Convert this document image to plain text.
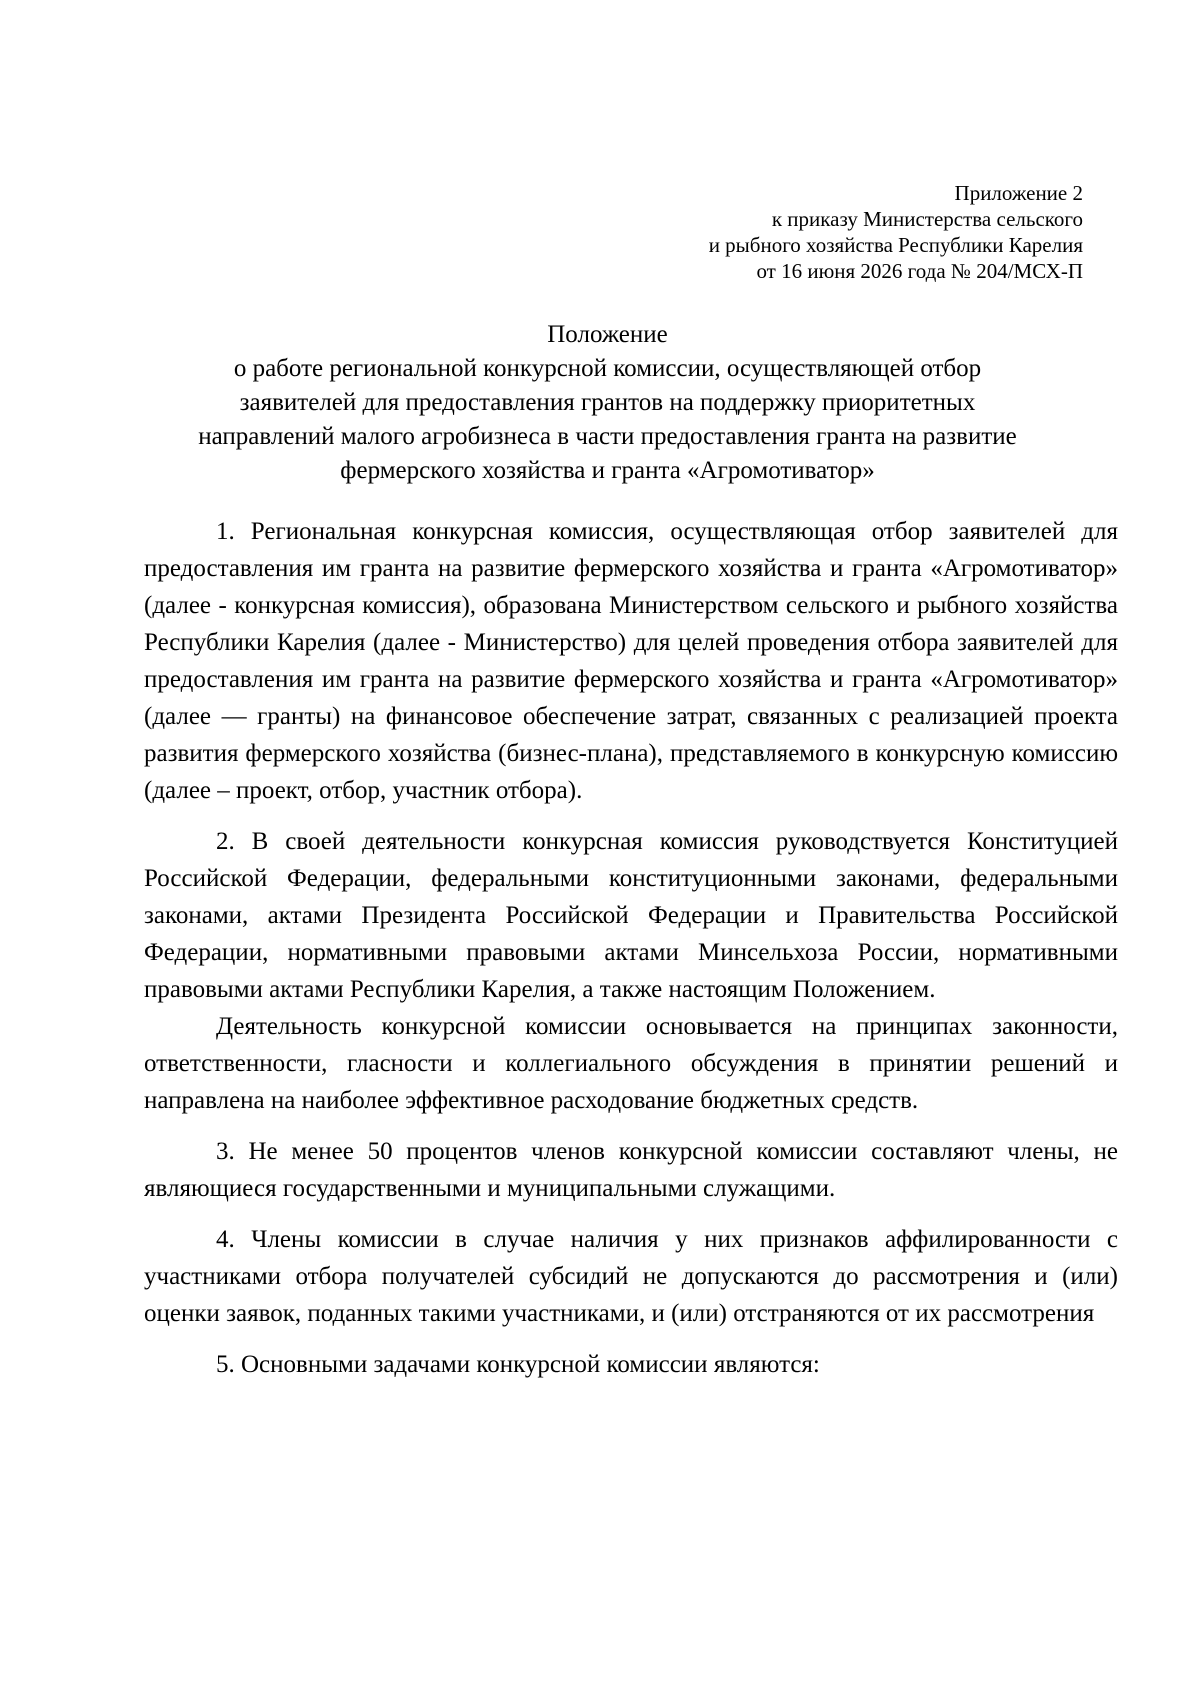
Приложение 2
к приказу Министерства сельского
и рыбного хозяйства Республики Карелия
от 16 июня 2026 года № 204/МСХ-П
Положение
о работе региональной конкурсной комиссии, осуществляющей отбор
заявителей для предоставления грантов на поддержку приоритетных
направлений малого агробизнеса в части предоставления гранта на развитие
фермерского хозяйства и гранта «Агромотиватор»

1. Региональная конкурсная комиссия, осуществляющая отбор заявителей для предоставления им гранта на развитие фермерского хозяйства и гранта «Агромотиватор» (далее - конкурсная комиссия), образована Министерством сельского и рыбного хозяйства Республики Карелия (далее - Министерство) для целей проведения отбора заявителей для предоставления им гранта на развитие фермерского хозяйства и гранта «Агромотиватор» (далее — гранты) на финансовое обеспечение затрат, связанных с реализацией проекта развития фермерского хозяйства (бизнес-плана), представляемого в конкурсную комиссию (далее – проект, отбор, участник отбора).

2. В своей деятельности конкурсная комиссия руководствуется Конституцией Российской Федерации, федеральными конституционными законами, федеральными законами, актами Президента Российской Федерации и Правительства Российской Федерации, нормативными правовыми актами Минсельхоза России, нормативными правовыми актами Республики Карелия, а также настоящим Положением.

Деятельность конкурсной комиссии основывается на принципах законности, ответственности, гласности и коллегиального обсуждения в принятии решений и направлена на наиболее эффективное расходование бюджетных средств.

3. Не менее 50 процентов членов конкурсной комиссии составляют члены, не являющиеся государственными и муниципальными служащими.

4. Члены комиссии в случае наличия у них признаков аффилированности с участниками отбора получателей субсидий не допускаются до рассмотрения и (или) оценки заявок, поданных такими участниками, и (или) отстраняются от их рассмотрения

5. Основными задачами конкурсной комиссии являются:
